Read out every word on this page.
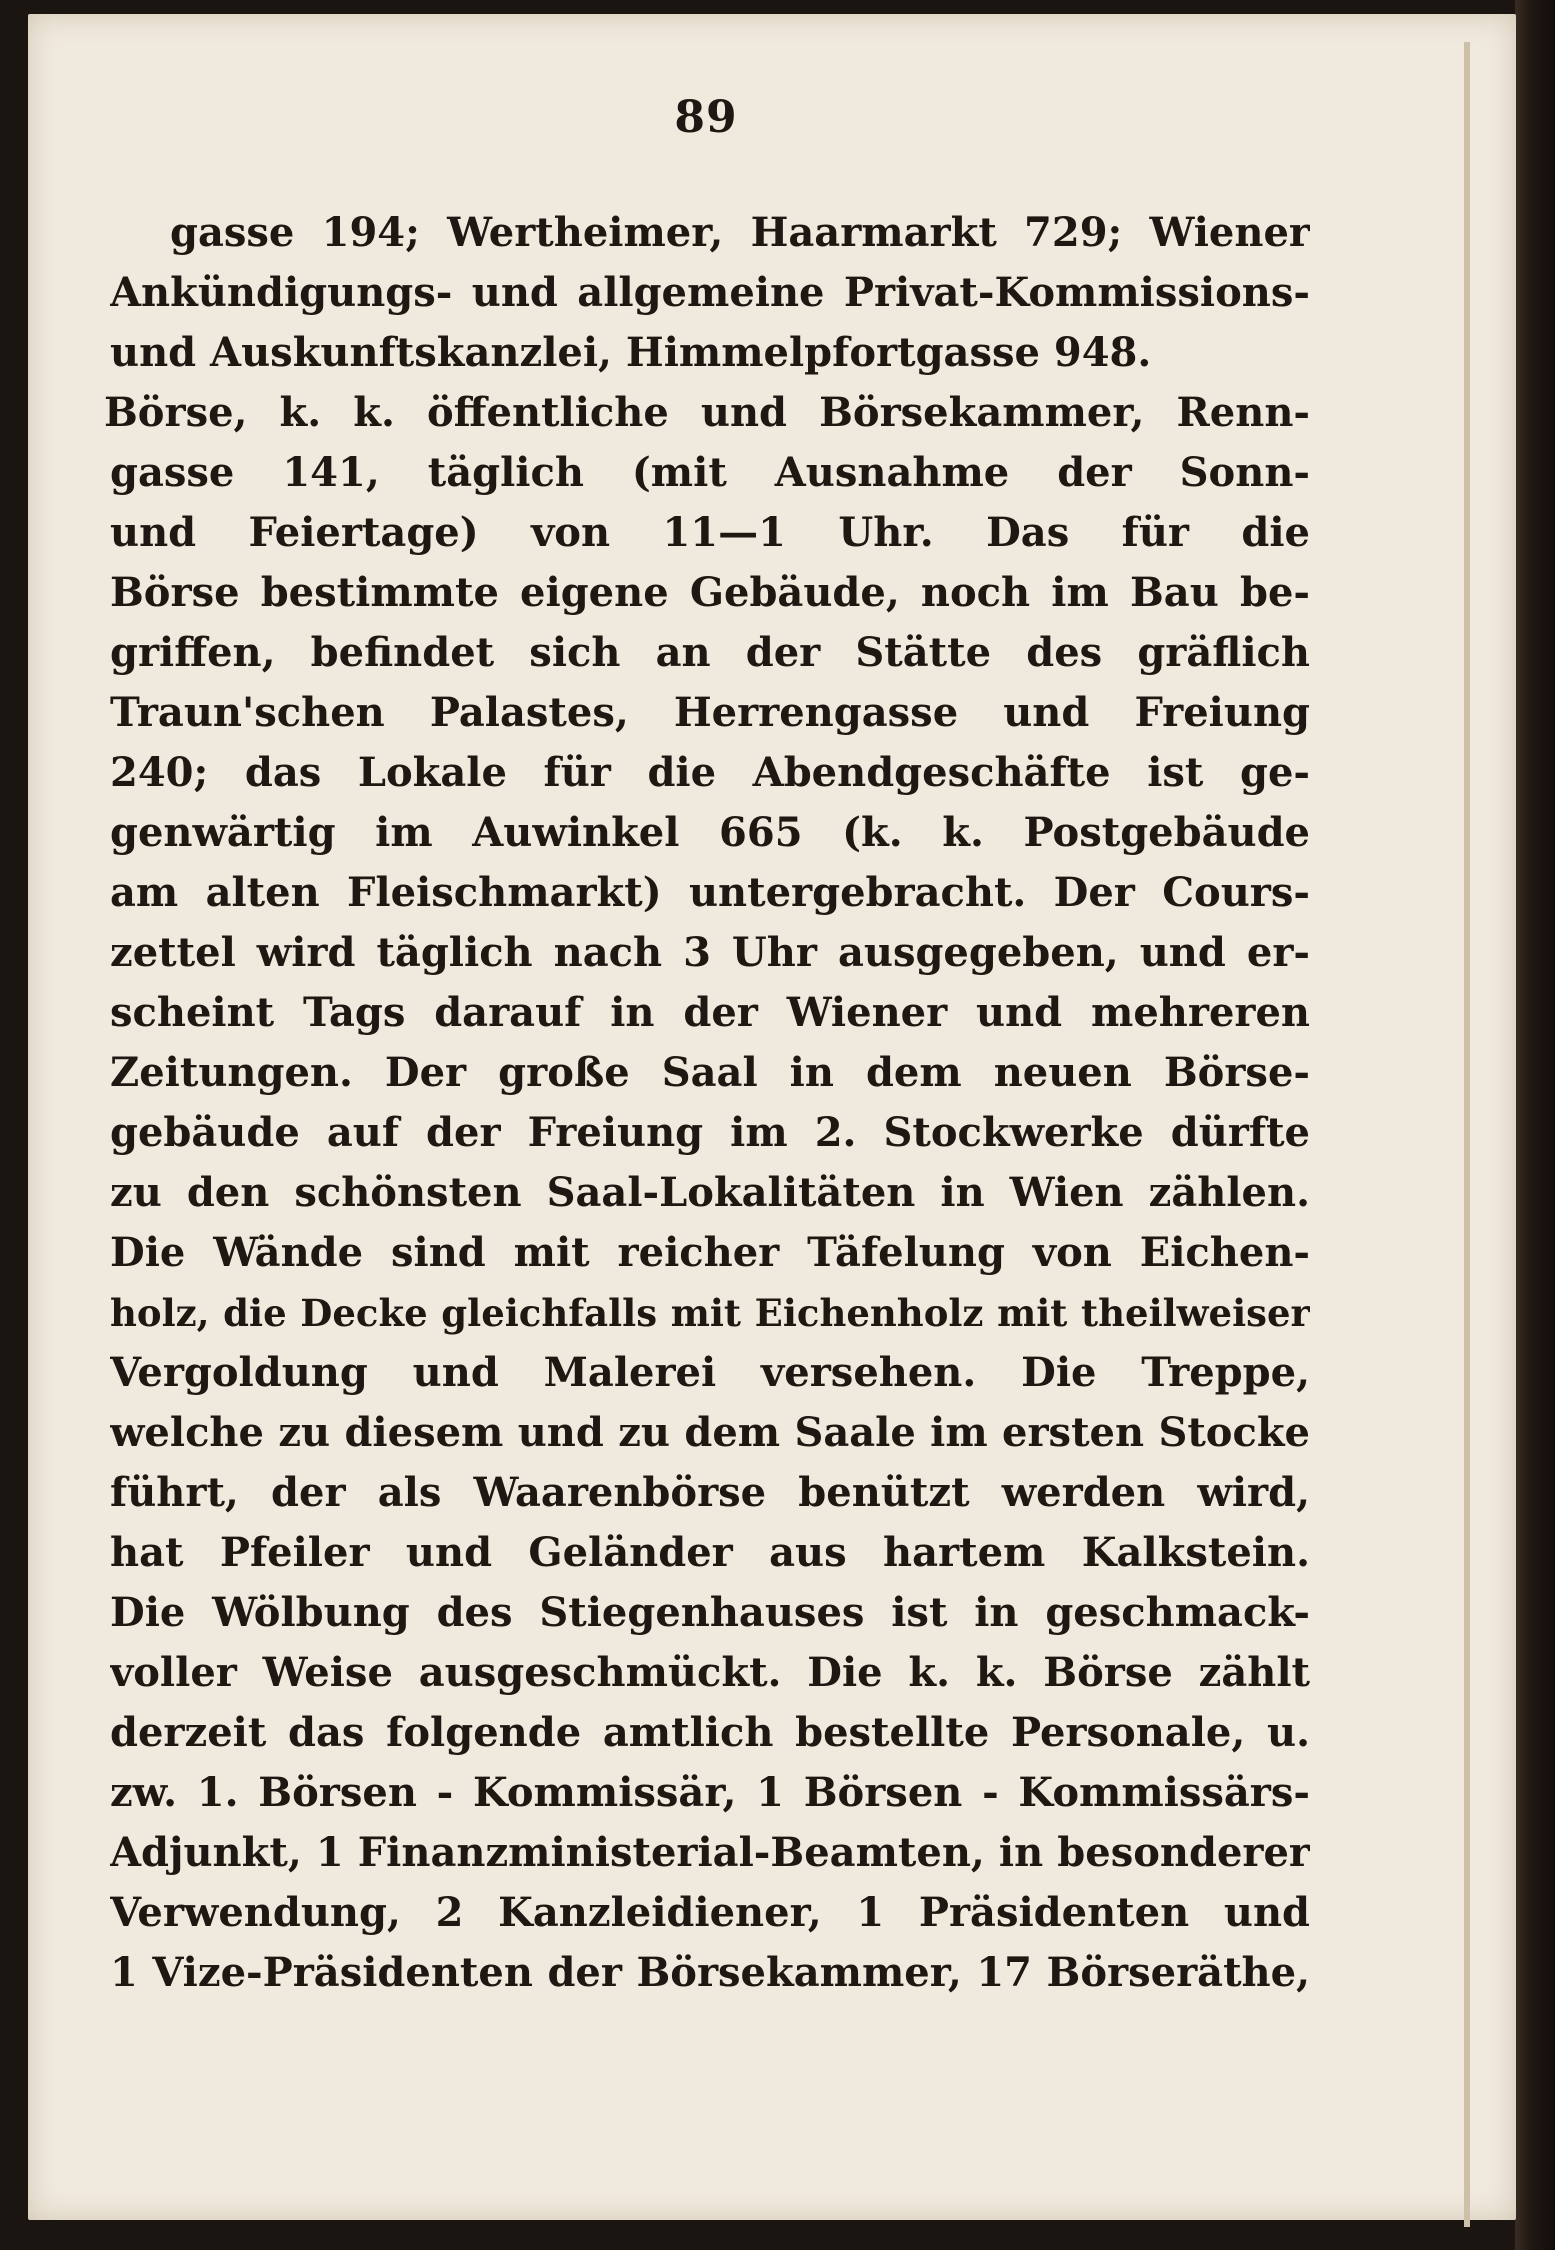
89
gasse 194; Wertheimer, Haarmarkt 729; Wiener
Ankündigungs- und allgemeine Privat-Kommissions-
und Auskunftskanzlei, Himmelpfortgasse 948.
Börse, k. k. öffentliche und Börsekammer, Renn-
gasse 141, täglich (mit Ausnahme der Sonn-
und Feiertage) von 11—1 Uhr. Das für die
Börse bestimmte eigene Gebäude, noch im Bau be-
griffen, befindet sich an der Stätte des gräflich
Traun'schen Palastes, Herrengasse und Freiung
240; das Lokale für die Abendgeschäfte ist ge-
genwärtig im Auwinkel 665 (k. k. Postgebäude
am alten Fleischmarkt) untergebracht. Der Cours-
zettel wird täglich nach 3 Uhr ausgegeben, und er-
scheint Tags darauf in der Wiener und mehreren
Zeitungen. Der große Saal in dem neuen Börse-
gebäude auf der Freiung im 2. Stockwerke dürfte
zu den schönsten Saal-Lokalitäten in Wien zählen.
Die Wände sind mit reicher Täfelung von Eichen-
holz, die Decke gleichfalls mit Eichenholz mit theilweiser
Vergoldung und Malerei versehen. Die Treppe,
welche zu diesem und zu dem Saale im ersten Stocke
führt, der als Waarenbörse benützt werden wird,
hat Pfeiler und Geländer aus hartem Kalkstein.
Die Wölbung des Stiegenhauses ist in geschmack-
voller Weise ausgeschmückt. Die k. k. Börse zählt
derzeit das folgende amtlich bestellte Personale, u.
zw. 1. Börsen - Kommissär, 1 Börsen - Kommissärs-
Adjunkt, 1 Finanzministerial-Beamten, in besonderer
Verwendung, 2 Kanzleidiener, 1 Präsidenten und
1 Vize-Präsidenten der Börsekammer, 17 Börseräthe,
